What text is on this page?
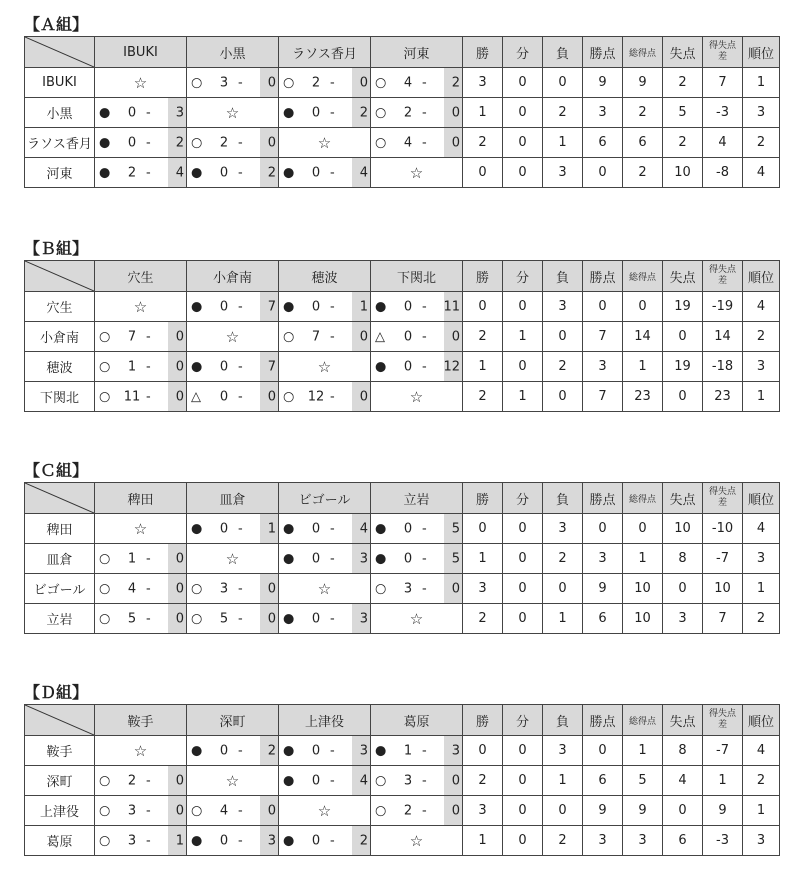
【Ａ組】
	IBUKI	小黒	ラソス香月	河東	勝	分	負	勝点	総得点	失点	得失点差	順位
IBUKI	☆	○ 3 - 0	○ 2 - 0	○ 4 - 2	3	0	0	9	9	2	7	1
小黒	● 0 - 3	☆	● 0 - 2	○ 2 - 0	1	0	2	3	2	5	-3	3
ラソス香月	● 0 - 2	○ 2 - 0	☆	○ 4 - 0	2	0	1	6	6	2	4	2
河東	● 2 - 4	● 0 - 2	● 0 - 4	☆	0	0	3	0	2	10	-8	4
【Ｂ組】
	穴生	小倉南	穂波	下関北	勝	分	負	勝点	総得点	失点	得失点差	順位
穴生	☆	● 0 - 7	● 0 - 1	● 0 - 11	0	0	3	0	0	19	-19	4
小倉南	○ 7 - 0	☆	○ 7 - 0	△ 0 - 0	2	1	0	7	14	0	14	2
穂波	○ 1 - 0	● 0 - 7	☆	● 0 - 12	1	0	2	3	1	19	-18	3
下関北	○ 11 - 0	△ 0 - 0	○ 12 - 0	☆	2	1	0	7	23	0	23	1
【Ｃ組】
	稗田	皿倉	ビゴール	立岩	勝	分	負	勝点	総得点	失点	得失点差	順位
稗田	☆	● 0 - 1	● 0 - 4	● 0 - 5	0	0	3	0	0	10	-10	4
皿倉	○ 1 - 0	☆	● 0 - 3	● 0 - 5	1	0	2	3	1	8	-7	3
ビゴール	○ 4 - 0	○ 3 - 0	☆	○ 3 - 0	3	0	0	9	10	0	10	1
立岩	○ 5 - 0	○ 5 - 0	● 0 - 3	☆	2	0	1	6	10	3	7	2
【Ｄ組】
	鞍手	深町	上津役	葛原	勝	分	負	勝点	総得点	失点	得失点差	順位
鞍手	☆	● 0 - 2	● 0 - 3	● 1 - 3	0	0	3	0	1	8	-7	4
深町	○ 2 - 0	☆	● 0 - 4	○ 3 - 0	2	0	1	6	5	4	1	2
上津役	○ 3 - 0	○ 4 - 0	☆	○ 2 - 0	3	0	0	9	9	0	9	1
葛原	○ 3 - 1	● 0 - 3	● 0 - 2	☆	1	0	2	3	3	6	-3	3
